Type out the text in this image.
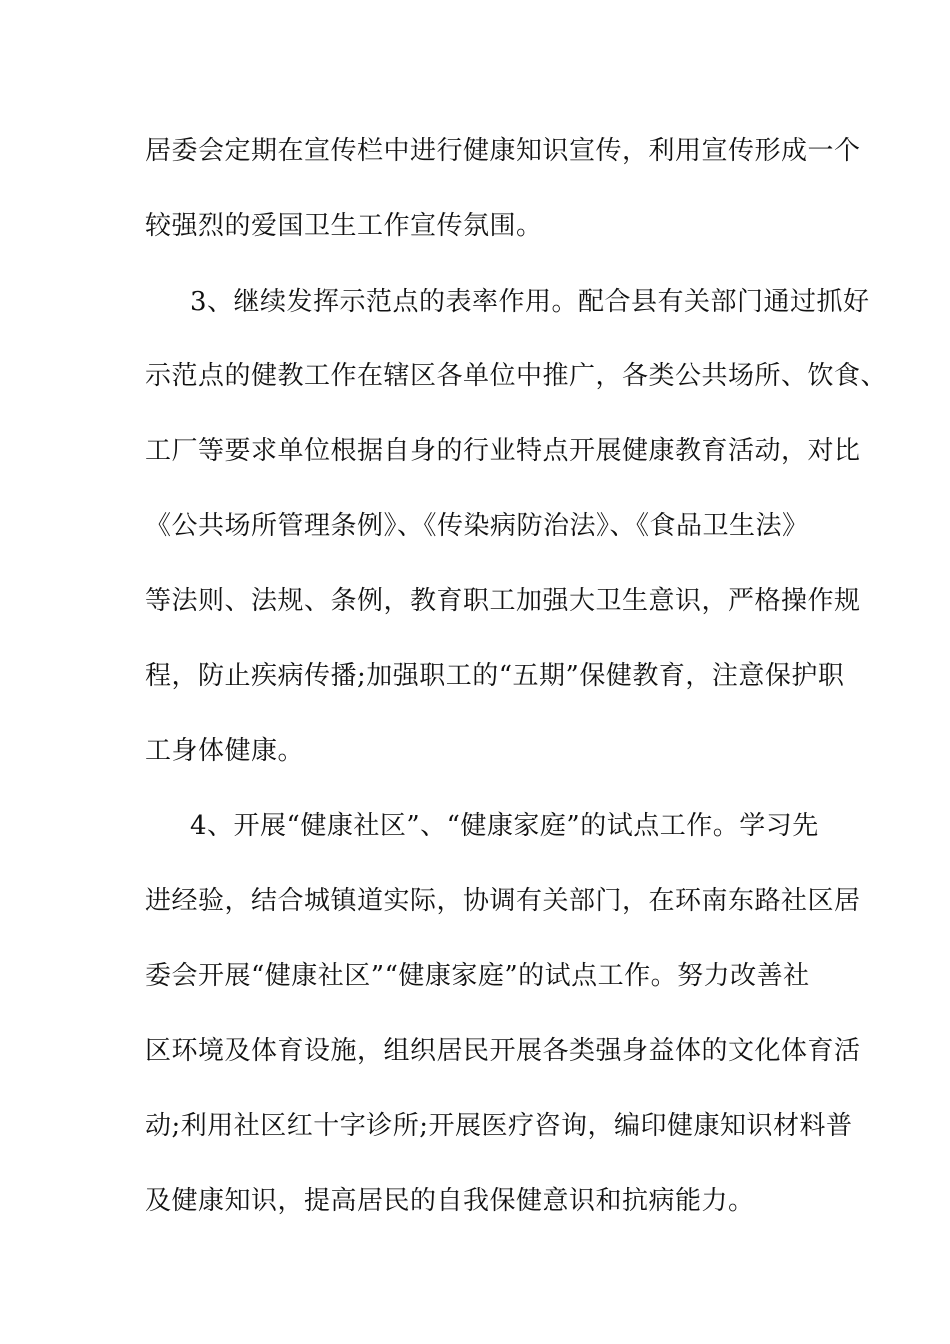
居委会定期在宣传栏中进行健康知识宣传，利用宣传形成一个
较强烈的爱国卫生工作宣传氛围。
3、继续发挥示范点的表率作用。配合县有关部门通过抓好
示范点的健教工作在辖区各单位中推广，各类公共场所、饮食、
工厂等要求单位根据自身的行业特点开展健康教育活动，对比
《公共场所管理条例》、《传染病防治法》、《食品卫生法》
等法则、法规、条例，教育职工加强大卫生意识，严格操作规
程，防止疾病传播;加强职工的“五期”保健教育，注意保护职
工身体健康。
4、开展“健康社区”、“健康家庭”的试点工作。学习先
进经验，结合城镇道实际，协调有关部门，在环南东路社区居
委会开展“健康社区”“健康家庭”的试点工作。努力改善社
区环境及体育设施，组织居民开展各类强身益体的文化体育活
动;利用社区红十字诊所;开展医疗咨询，编印健康知识材料普
及健康知识，提高居民的自我保健意识和抗病能力。
